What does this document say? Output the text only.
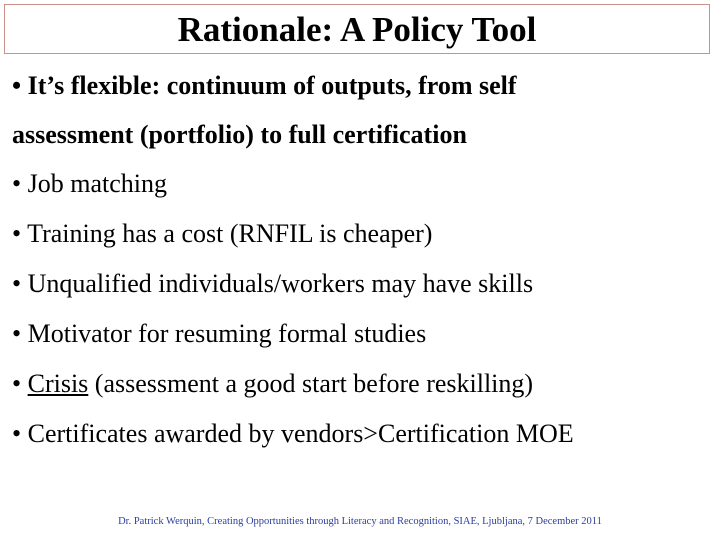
Rationale: A Policy Tool
• It’s flexible: continuum of outputs, from self
assessment (portfolio) to full certification
• Job matching
• Training has a cost (RNFIL is cheaper)
• Unqualified individuals/workers may have skills
• Motivator for resuming formal studies
• Crisis (assessment a good start before reskilling)
• Certificates awarded by vendors>Certification MOE
Dr. Patrick Werquin, Creating Opportunities through Literacy and Recognition, SIAE, Ljubljana, 7 December 2011
